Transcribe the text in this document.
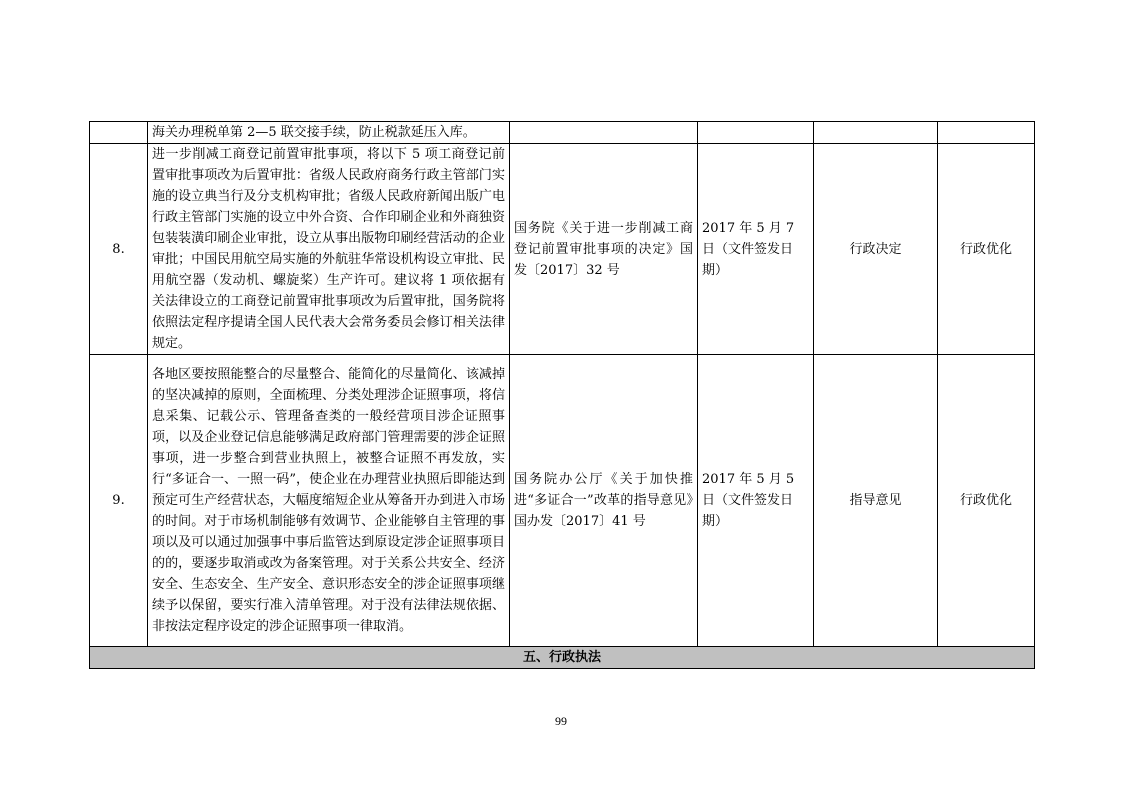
	海关办理税单第 2—5 联交接手续，防止税款延压入库。				
8.	进一步削减工商登记前置审批事项，将以下 5 项工商登记前置审批事项改为后置审批：省级人民政府商务行政主管部门实施的设立典当行及分支机构审批；省级人民政府新闻出版广电行政主管部门实施的设立中外合资、合作印刷企业和外商独资包装装潢印刷企业审批，设立从事出版物印刷经营活动的企业审批；中国民用航空局实施的外航驻华常设机构设立审批、民用航空器（发动机、螺旋桨）生产许可。建议将 1 项依据有关法律设立的工商登记前置审批事项改为后置审批，国务院将依照法定程序提请全国人民代表大会常务委员会修订相关法律规定。	国务院《关于进一步削减工商登记前置审批事项的决定》国发〔2017〕32 号	2017 年 5 月 7 日（文件签发日期）	行政决定	行政优化
9.	各地区要按照能整合的尽量整合、能简化的尽量简化、该减掉的坚决减掉的原则，全面梳理、分类处理涉企证照事项，将信息采集、记载公示、管理备查类的一般经营项目涉企证照事项，以及企业登记信息能够满足政府部门管理需要的涉企证照事项，进一步整合到营业执照上，被整合证照不再发放，实行“多证合一、一照一码”，使企业在办理营业执照后即能达到预定可生产经营状态，大幅度缩短企业从筹备开办到进入市场的时间。对于市场机制能够有效调节、企业能够自主管理的事项以及可以通过加强事中事后监管达到原设定涉企证照事项目的的，要逐步取消或改为备案管理。对于关系公共安全、经济安全、生态安全、生产安全、意识形态安全的涉企证照事项继续予以保留，要实行准入清单管理。对于没有法律法规依据、非按法定程序设定的涉企证照事项一律取消。	国务院办公厅《关于加快推进“多证合一”改革的指导意见》国办发〔2017〕41 号	2017 年 5 月 5 日（文件签发日期）	指导意见	行政优化
五、行政执法					
99
